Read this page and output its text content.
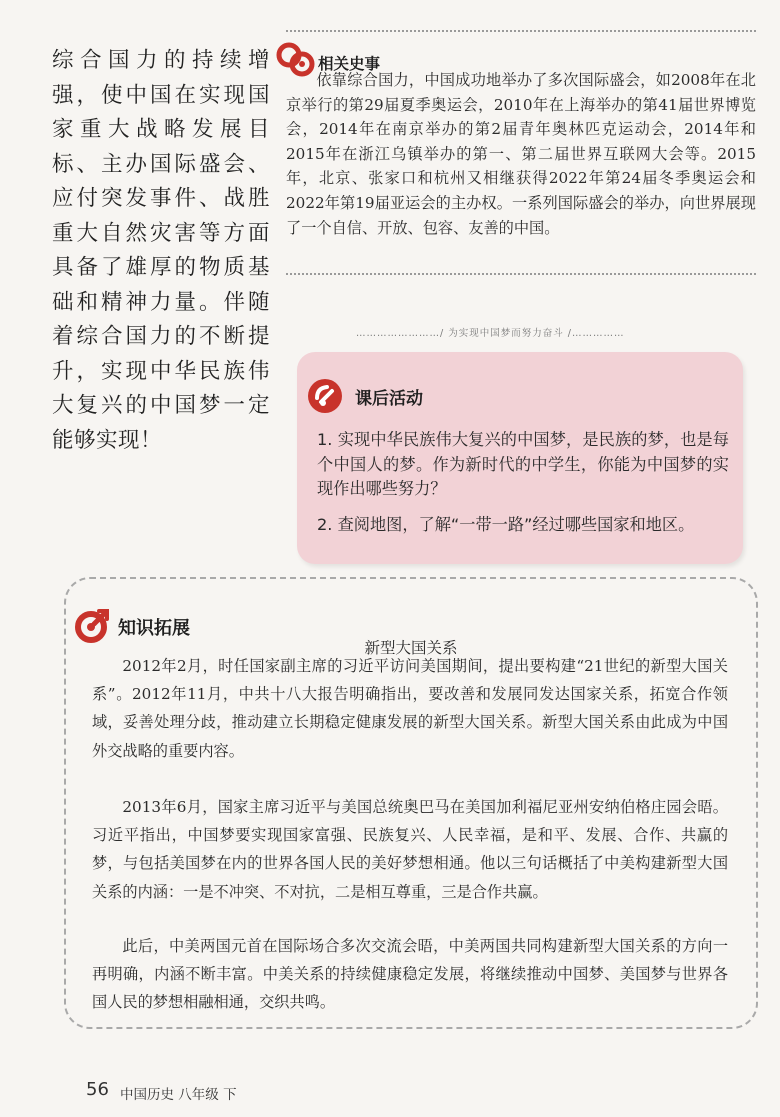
综合国力的持续增强，使中国在实现国家重大战略发展目标、主办国际盛会、应付突发事件、战胜重大自然灾害等方面具备了雄厚的物质基础和精神力量。伴随着综合国力的不断提升，实现中华民族伟大复兴的中国梦一定能够实现！
相关史事
依靠综合国力，中国成功地举办了多次国际盛会，如2008年在北京举行的第29届夏季奥运会，2010年在上海举办的第41届世界博览会，2014年在南京举办的第2届青年奥林匹克运动会，2014年和2015年在浙江乌镇举办的第一、第二届世界互联网大会等。2015年，北京、张家口和杭州又相继获得2022年第24届冬季奥运会和2022年第19届亚运会的主办权。一系列国际盛会的举办，向世界展现了一个自信、开放、包容、友善的中国。
……………………/ 为实现中国梦而努力奋斗 /……………
课后活动
1. 实现中华民族伟大复兴的中国梦，是民族的梦，也是每个中国人的梦。作为新时代的中学生，你能为中国梦的实现作出哪些努力？
2. 查阅地图，了解“一带一路”经过哪些国家和地区。
知识拓展
新型大国关系
2012年2月，时任国家副主席的习近平访问美国期间，提出要构建“21世纪的新型大国关系”。2012年11月，中共十八大报告明确指出，要改善和发展同发达国家关系，拓宽合作领域，妥善处理分歧，推动建立长期稳定健康发展的新型大国关系。新型大国关系由此成为中国外交战略的重要内容。
2013年6月，国家主席习近平与美国总统奥巴马在美国加利福尼亚州安纳伯格庄园会晤。习近平指出，中国梦要实现国家富强、民族复兴、人民幸福，是和平、发展、合作、共赢的梦，与包括美国梦在内的世界各国人民的美好梦想相通。他以三句话概括了中美构建新型大国关系的内涵：一是不冲突、不对抗，二是相互尊重，三是合作共赢。
此后，中美两国元首在国际场合多次交流会晤，中美两国共同构建新型大国关系的方向一再明确，内涵不断丰富。中美关系的持续健康稳定发展，将继续推动中国梦、美国梦与世界各国人民的梦想相融相通，交织共鸣。
56 中国历史 八年级 下
